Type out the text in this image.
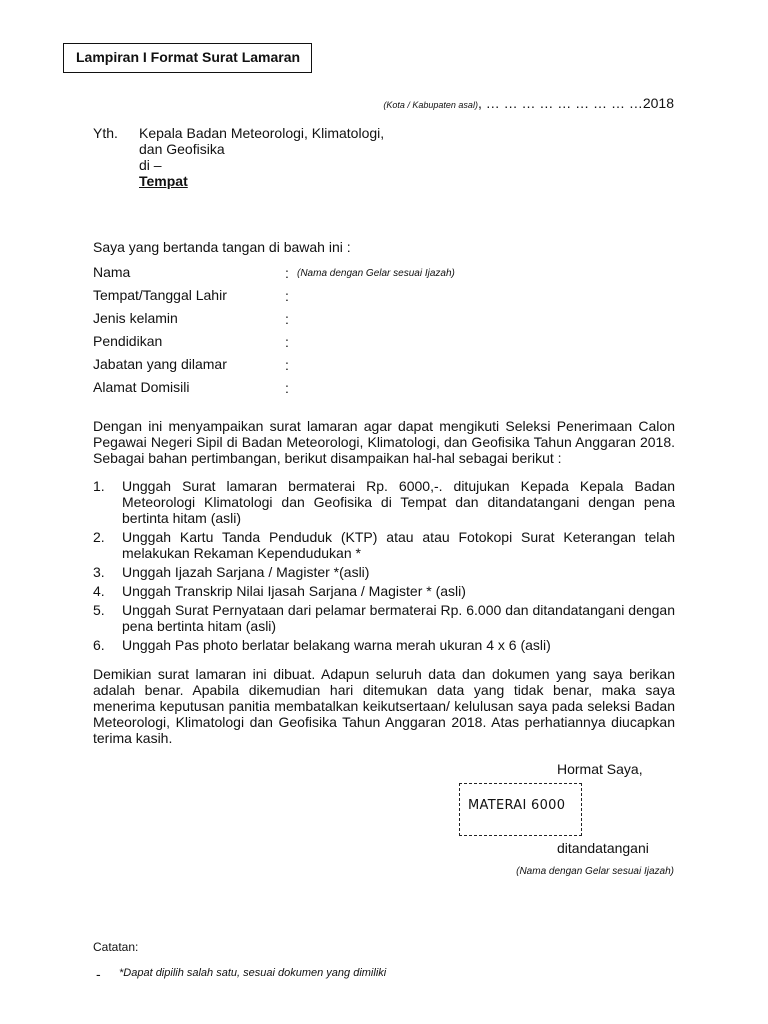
Lampiran I Format Surat Lamaran
(Kota / Kabupaten asal), … … … … … … … … …2018
Yth. Kepala Badan Meteorologi, Klimatologi,
dan Geofisika
di –
Tempat
Saya yang bertanda tangan di bawah ini :
Nama	: (Nama dengan Gelar sesuai Ijazah)
Tempat/Tanggal Lahir	:
Jenis kelamin	:
Pendidikan	:
Jabatan yang dilamar	:
Alamat Domisili	:
Dengan ini menyampaikan surat lamaran agar dapat mengikuti Seleksi Penerimaan Calon Pegawai Negeri Sipil di Badan Meteorologi, Klimatologi, dan Geofisika Tahun Anggaran 2018. Sebagai bahan pertimbangan, berikut disampaikan hal-hal sebagai berikut :
1.	Unggah Surat lamaran bermaterai Rp. 6000,-. ditujukan Kepada Kepala Badan Meteorologi Klimatologi dan Geofisika di Tempat dan ditandatangani dengan pena bertinta hitam (asli)
2.	Unggah Kartu Tanda Penduduk (KTP) atau atau Fotokopi Surat Keterangan telah melakukan Rekaman Kependudukan *
3.	Unggah Ijazah Sarjana / Magister *(asli)
4.	Unggah Transkrip Nilai Ijasah Sarjana / Magister * (asli)
5.	Unggah Surat Pernyataan dari pelamar bermaterai Rp. 6.000 dan ditandatangani dengan pena bertinta hitam (asli)
6.	Unggah Pas photo berlatar belakang warna merah ukuran 4 x 6 (asli)
Demikian surat lamaran ini dibuat. Adapun seluruh data dan dokumen yang saya berikan adalah benar. Apabila dikemudian hari ditemukan data yang tidak benar, maka saya menerima keputusan panitia membatalkan keikutsertaan/ kelulusan saya pada seleksi Badan Meteorologi, Klimatologi dan Geofisika Tahun Anggaran 2018. Atas perhatiannya diucapkan terima kasih.
Hormat Saya,
MATERAI 6000
ditandatangani
(Nama dengan Gelar sesuai Ijazah)
Catatan:
- *Dapat dipilih salah satu, sesuai dokumen yang dimiliki
